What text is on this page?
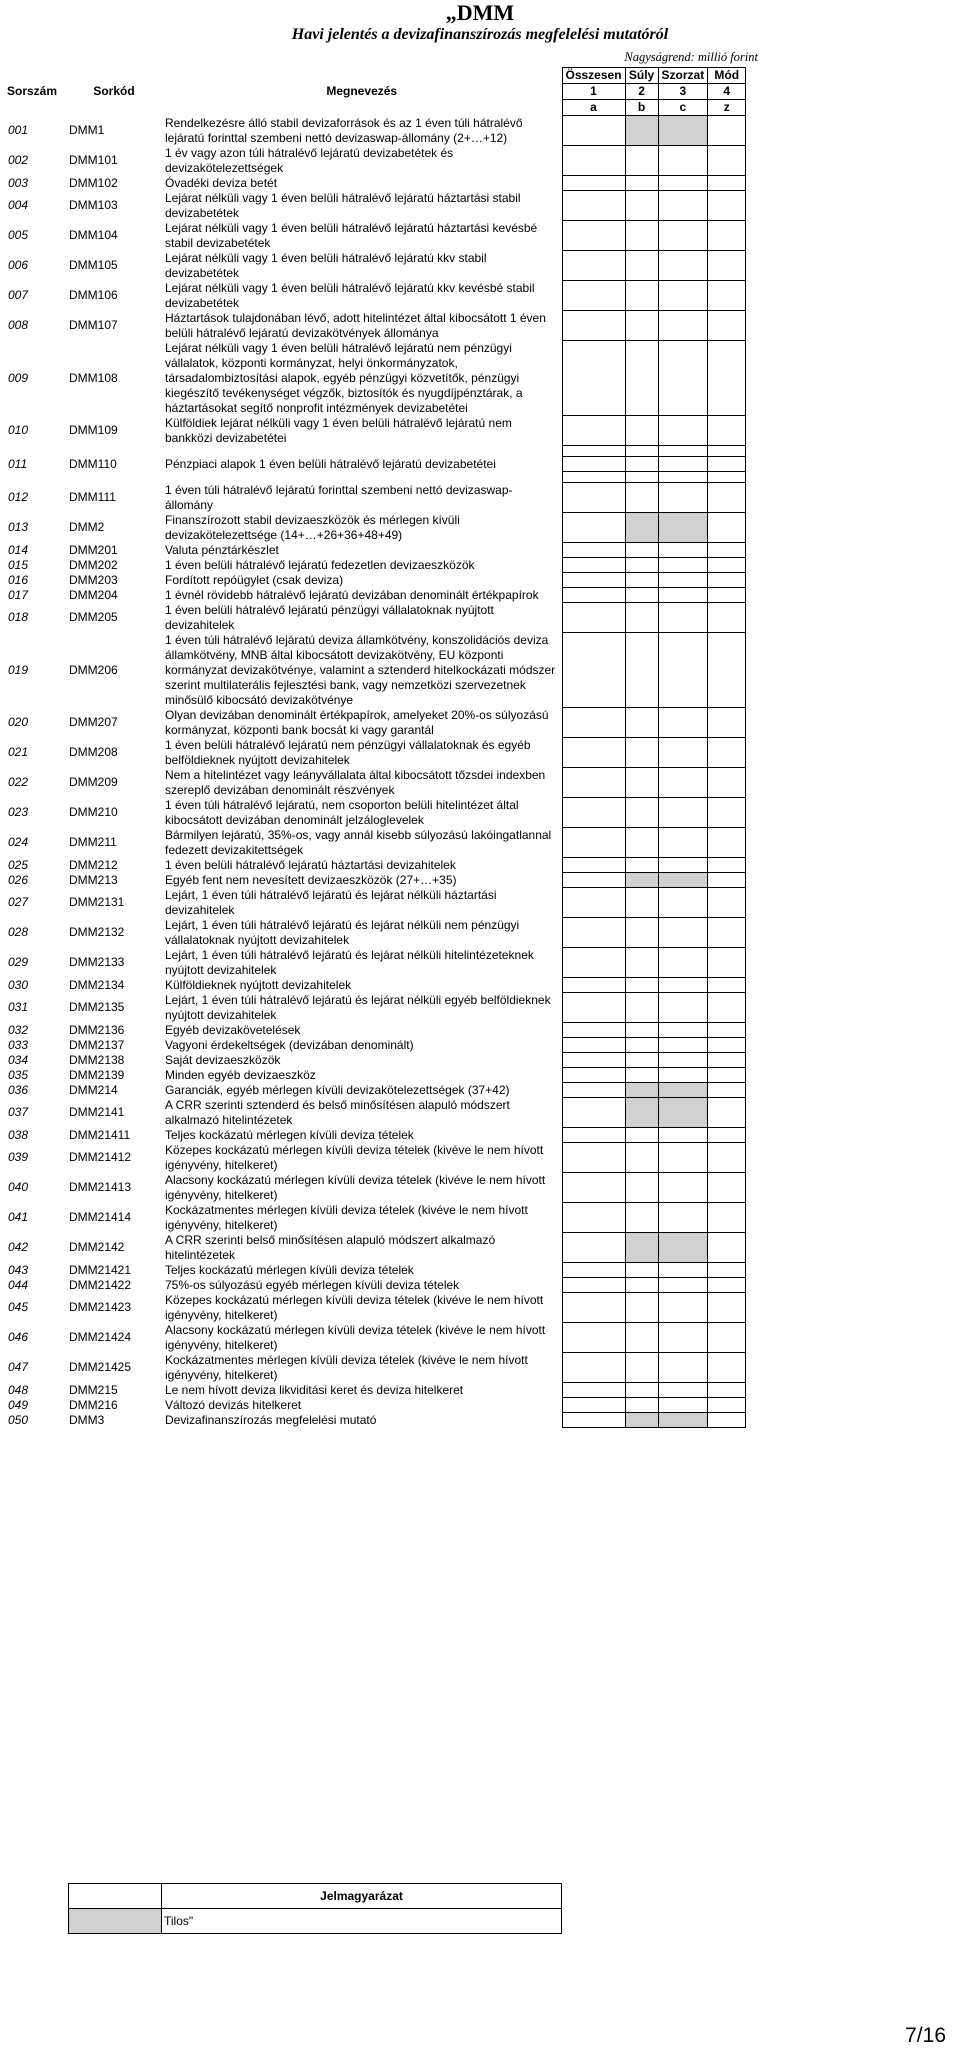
„DMM
Havi jelentés a devizafinanszírozás megfelelési mutatóról
Nagyságrend: millió forint
			Összesen	Súly	Szorzat	Mód
Sorszám	Sorkód	Megnevezés	1	2	3	4
			a	b	c	z
001	DMM1	Rendelkezésre álló stabil devizaforrások és az 1 éven túli hátralévő lejáratú forinttal szembeni nettó devizaswap-állomány (2+…+12)				
002	DMM101	1 év vagy azon túli hátralévő lejáratú devizabetétek és devizakötelezettségek				
003	DMM102	Óvadéki deviza betét				
004	DMM103	Lejárat nélküli vagy 1 éven belüli hátralévő lejáratú háztartási stabil devizabetétek				
005	DMM104	Lejárat nélküli vagy 1 éven belüli hátralévő lejáratú háztartási kevésbé stabil devizabetétek				
006	DMM105	Lejárat nélküli vagy 1 éven belüli hátralévő lejáratú kkv stabil devizabetétek				
007	DMM106	Lejárat nélküli vagy 1 éven belüli hátralévő lejáratú kkv kevésbé stabil devizabetétek				
008	DMM107	Háztartások tulajdonában lévő, adott hitelintézet által kibocsátott 1 éven belüli hátralévő lejáratú devizakötvények állománya				
009	DMM108	Lejárat nélküli vagy 1 éven belüli hátralévő lejáratú nem pénzügyi vállalatok, központi kormányzat, helyi önkormányzatok, társadalombiztosítási alapok, egyéb pénzügyi közvetítők, pénzügyi kiegészítő tevékenységet végzők, biztosítók és nyugdíjpénztárak, a háztartásokat segítő nonprofit intézmények devizabetétei				
010	DMM109	Külföldiek lejárat nélküli vagy 1 éven belüli hátralévő lejáratú nem bankközi devizabetétei				

011	DMM110	Pénzpiaci alapok 1 éven belüli hátralévő lejáratú devizabetétei				

012	DMM111	1 éven túli hátralévő lejáratú forinttal szembeni nettó devizaswap-állomány				
013	DMM2	Finanszírozott stabil devizaeszközök és mérlegen kívüli devizakötelezettsége (14+…+26+36+48+49)				
014	DMM201	Valuta pénztárkészlet				
015	DMM202	1 éven belüli hátralévő lejáratú fedezetlen devizaeszközök				
016	DMM203	Fordított repóügylet (csak deviza)				
017	DMM204	1 évnél rövidebb hátralévő lejáratú devizában denominált értékpapírok				
018	DMM205	1 éven belüli hátralévő lejáratú pénzügyi vállalatoknak nyújtott devizahitelek				
019	DMM206	1 éven túli hátralévő lejáratú deviza államkötvény, konszolidációs deviza államkötvény, MNB által kibocsátott devizakötvény, EU központi kormányzat devizakötvénye, valamint a sztenderd hitelkockázati módszer szerint multilaterális fejlesztési bank, vagy nemzetközi szervezetnek minősülő kibocsátó devizakötvénye				
020	DMM207	Olyan devizában denominált értékpapírok, amelyeket 20%-os súlyozású kormányzat, központi bank bocsát ki vagy garantál				
021	DMM208	1 éven belüli hátralévő lejáratú nem pénzügyi vállalatoknak és egyéb belföldieknek nyújtott devizahitelek				
022	DMM209	Nem a hitelintézet vagy leányvállalata által kibocsátott tőzsdei indexben szereplő devizában denominált részvények				
023	DMM210	1 éven túli hátralévő lejáratú, nem csoporton belüli hitelintézet által kibocsátott devizában denominált jelzáloglevelek				
024	DMM211	Bármilyen lejáratú, 35%-os, vagy annál kisebb súlyozású lakóingatlannal fedezett devizakitettségek				
025	DMM212	1 éven belüli hátralévő lejáratú háztartási devizahitelek				
026	DMM213	Egyéb fent nem nevesített devizaeszközök (27+…+35)				
027	DMM2131	Lejárt, 1 éven túli hátralévő lejáratú és lejárat nélküli háztartási devizahitelek				
028	DMM2132	Lejárt, 1 éven túli hátralévő lejáratú és lejárat nélküli nem pénzügyi vállalatoknak nyújtott devizahitelek				
029	DMM2133	Lejárt, 1 éven túli hátralévő lejáratú és lejárat nélküli hitelintézeteknek nyújtott devizahitelek				
030	DMM2134	Külföldieknek nyújtott devizahitelek				
031	DMM2135	Lejárt, 1 éven túli hátralévő lejáratú és lejárat nélküli egyéb belföldieknek nyújtott devizahitelek				
032	DMM2136	Egyéb devizakövetelések				
033	DMM2137	Vagyoni érdekeltségek (devizában denominált)				
034	DMM2138	Saját devizaeszközök				
035	DMM2139	Minden egyéb devizaeszköz				
036	DMM214	Garanciák, egyéb mérlegen kívüli devizakötelezettségek (37+42)				
037	DMM2141	A CRR szerinti sztenderd és belső minősítésen alapuló módszert alkalmazó hitelintézetek				
038	DMM21411	Teljes kockázatú mérlegen kívüli deviza tételek				
039	DMM21412	Közepes kockázatú mérlegen kívüli deviza tételek (kivéve le nem hívott igényvény, hitelkeret)				
040	DMM21413	Alacsony kockázatú mérlegen kívüli deviza tételek (kivéve le nem hívott igényvény, hitelkeret)				
041	DMM21414	Kockázatmentes mérlegen kívüli deviza tételek (kivéve le nem hívott igényvény, hitelkeret)				
042	DMM2142	A CRR szerinti belső minősítésen alapuló módszert alkalmazó hitelintézetek				
043	DMM21421	Teljes kockázatú mérlegen kívüli deviza tételek				
044	DMM21422	75%-os súlyozású egyéb mérlegen kívüli deviza tételek				
045	DMM21423	Közepes kockázatú mérlegen kívüli deviza tételek (kivéve le nem hívott igényvény, hitelkeret)				
046	DMM21424	Alacsony kockázatú mérlegen kívüli deviza tételek (kivéve le nem hívott igényvény, hitelkeret)				
047	DMM21425	Kockázatmentes mérlegen kívüli deviza tételek (kivéve le nem hívott igényvény, hitelkeret)				
048	DMM215	Le nem hívott deviza likviditási keret és deviza hitelkeret				
049	DMM216	Változó devizás hitelkeret				
050	DMM3	Devizafinanszírozás megfelelési mutató				
	Jelmagyarázat
	Tilos"
7/16
